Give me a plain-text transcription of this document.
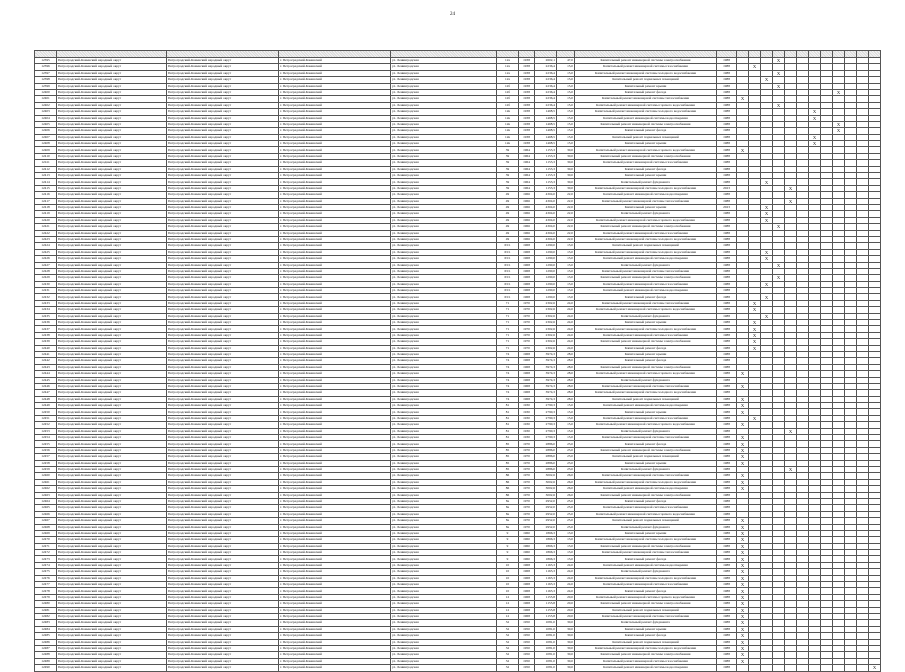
24

12395	Петроградский-Каменский народный округ	Петроградский-Каменский народный округ	г. Петроградский-Каменский	ул. Ленинградская	12а	1938	2602,1	47,0	Капитальный ремонт инженерной системы электроснабжения	1988				X								
12396	Петроградский-Каменский народный округ	Петроградский-Каменский народный округ	г. Петроградский-Каменский	ул. Ленинградская	12а	1938	2236,4	15,0	Капитальный ремонт инженерной системы газоснабжения	1988		X										
12397	Петроградский-Каменский народный округ	Петроградский-Каменский народный округ	г. Петроградский-Каменский	ул. Ленинградская	12а	1938	2236,4	15,0	Капитальный ремонт инженерной системы холодного водоснабжения	1988				X								
12398	Петроградский-Каменский народный округ	Петроградский-Каменский народный округ	г. Петроградский-Каменский	ул. Ленинградская	12а	1938	2236,4	15,0	Капитальный ремонт подвальных помещений	1988			X									
12399	Петроградский-Каменский народный округ	Петроградский-Каменский народный округ	г. Петроградский-Каменский	ул. Ленинградская	12б	1938	2236,4	15,0	Капитальный ремонт крыши	1988				X								
12400	Петроградский-Каменский народный округ	Петроградский-Каменский народный округ	г. Петроградский-Каменский	ул. Ленинградская	12б	1938	2236,4	15,0	Капитальный ремонт фасада	1988									X			
12401	Петроградский-Каменский народный округ	Петроградский-Каменский народный округ	г. Петроградский-Каменский	ул. Ленинградская	12б	1938	2236,4	15,0	Капитальный ремонт инженерной системы теплоснабжения	1988	X											
12402	Петроградский-Каменский народный округ	Петроградский-Каменский народный округ	г. Петроградский-Каменский	ул. Ленинградская	12б	1938	2236,4	15,0	Капитальный ремонт инженерной системы горячего водоснабжения	1988				X								
12403	Петроградский-Каменский народный округ	Петроградский-Каменский народный округ	г. Петроградский-Каменский	ул. Ленинградская	12в	1938	1468,5	15,0	Капитальный ремонт инженерной системы холодного водоснабжения	1988							X					
12404	Петроградский-Каменский народный округ	Петроградский-Каменский народный округ	г. Петроградский-Каменский	ул. Ленинградская	12в	1938	1468,5	15,0	Капитальный ремонт инженерной системы водоотведения	1988							X					
12405	Петроградский-Каменский народный округ	Петроградский-Каменский народный округ	г. Петроградский-Каменский	ул. Ленинградская	12в	1938	1468,5	15,0	Капитальный ремонт инженерной системы электроснабжения	1988									X			
12406	Петроградский-Каменский народный округ	Петроградский-Каменский народный округ	г. Петроградский-Каменский	ул. Ленинградская	12в	1938	1468,5	15,0	Капитальный ремонт фасада	1988									X			
12407	Петроградский-Каменский народный округ	Петроградский-Каменский народный округ	г. Петроградский-Каменский	ул. Ленинградская	12в	1938	1468,5	15,0	Капитальный ремонт подвальных помещений	1988							X					
12408	Петроградский-Каменский народный округ	Петроградский-Каменский народный округ	г. Петроградский-Каменский	ул. Ленинградская	12в	1938	1468,5	15,0	Капитальный ремонт крыши	1988							X					
12409	Петроградский-Каменский народный округ	Петроградский-Каменский народный округ	г. Петроградский-Каменский	ул. Ленинградская	39	1964	1153,3	30,0	Капитальный ремонт инженерной системы горячего водоснабжения	1988	X											
12410	Петроградский-Каменский народный округ	Петроградский-Каменский народный округ	г. Петроградский-Каменский	ул. Ленинградская	39	1964	1153,3	30,0	Капитальный ремонт инженерной системы электроснабжения	1988												
12411	Петроградский-Каменский народный округ	Петроградский-Каменский народный округ	г. Петроградский-Каменский	ул. Ленинградская	39	1964	1153,3	30,0	Капитальный ремонт инженерной системы газоснабжения	1988												
12412	Петроградский-Каменский народный округ	Петроградский-Каменский народный округ	г. Петроградский-Каменский	ул. Ленинградская	39	1964	1153,3	30,0	Капитальный ремонт фасада	1988												
12413	Петроградский-Каменский народный округ	Петроградский-Каменский народный округ	г. Петроградский-Каменский	ул. Ленинградская	39	1964	1153,3	30,0	Капитальный ремонт крыши	1988												
12414	Петроградский-Каменский народный округ	Петроградский-Каменский народный округ	г. Петроградский-Каменский	ул. Ленинградская	39	1964	1153,3	30,0	Капитальный ремонт фундамента	1988			X									
12415	Петроградский-Каменский народный округ	Петроградский-Каменский народный округ	г. Петроградский-Каменский	ул. Ленинградская	39	1964	1153,3	30,0	Капитальный ремонт инженерной системы холодного водоснабжения	2023					X							
12416	Петроградский-Каменский народный округ	Петроградский-Каменский народный округ	г. Петроградский-Каменский	ул. Ленинградская	49	1966	4304,0	22,0	Капитальный ремонт инженерной системы водоотведения	1988												
12417	Петроградский-Каменский народный округ	Петроградский-Каменский народный округ	г. Петроградский-Каменский	ул. Ленинградская	49	1966	4304,0	22,0	Капитальный ремонт инженерной системы теплоснабжения	1988					X							
12418	Петроградский-Каменский народный округ	Петроградский-Каменский народный округ	г. Петроградский-Каменский	ул. Ленинградская	49	1966	4304,0	22,0	Капитальный ремонт крыши	2023			X									
12419	Петроградский-Каменский народный округ	Петроградский-Каменский народный округ	г. Петроградский-Каменский	ул. Ленинградская	49	1966	4304,0	22,0	Капитальный ремонт фундамента	1988			X									
12420	Петроградский-Каменский народный округ	Петроградский-Каменский народный округ	г. Петроградский-Каменский	ул. Ленинградская	49	1966	4304,0	22,0	Капитальный ремонт инженерной системы горячего водоснабжения	1988			X									
12421	Петроградский-Каменский народный округ	Петроградский-Каменский народный округ	г. Петроградский-Каменский	ул. Ленинградская	49	1966	4304,0	22,0	Капитальный ремонт инженерной системы электроснабжения	1988				X								
12422	Петроградский-Каменский народный округ	Петроградский-Каменский народный округ	г. Петроградский-Каменский	ул. Ленинградская	49	1966	4304,0	22,0	Капитальный ремонт инженерной системы газоснабжения	1988												
12423	Петроградский-Каменский народный округ	Петроградский-Каменский народный округ	г. Петроградский-Каменский	ул. Ленинградская	49	1966	4304,0	22,0	Капитальный ремонт инженерной системы холодного водоснабжения	1988												
12424	Петроградский-Каменский народный округ	Петроградский-Каменский народный округ	г. Петроградский-Каменский	ул. Ленинградская	63/1	1968	1290,0	13,0	Капитальный ремонт подвальных помещений	1988												
12425	Петроградский-Каменский народный округ	Петроградский-Каменский народный округ	г. Петроградский-Каменский	ул. Ленинградская	63/1	1968	1290,0	13,0	Капитальный ремонт инженерной системы холодного водоснабжения	1988			X									
12426	Петроградский-Каменский народный округ	Петроградский-Каменский народный округ	г. Петроградский-Каменский	ул. Ленинградская	63/1	1968	1290,0	13,0	Капитальный ремонт инженерной системы водоотведения	1988			X									
12427	Петроградский-Каменский народный округ	Петроградский-Каменский народный округ	г. Петроградский-Каменский	ул. Ленинградская	63/1	1968	1290,0	13,0	Капитальный ремонт фундамента	1988				X								
12428	Петроградский-Каменский народный округ	Петроградский-Каменский народный округ	г. Петроградский-Каменский	ул. Ленинградская	63/1	1968	1290,0	13,0	Капитальный ремонт инженерной системы теплоснабжения	1988												
12429	Петроградский-Каменский народный округ	Петроградский-Каменский народный округ	г. Петроградский-Каменский	ул. Ленинградская	63/1	1968	1290,0	13,0	Капитальный ремонт инженерной системы электроснабжения	1988				X								
12430	Петроградский-Каменский народный округ	Петроградский-Каменский народный округ	г. Петроградский-Каменский	ул. Ленинградская	63/1	1968	1290,0	13,0	Капитальный ремонт инженерной системы газоснабжения	1988			X									
12431	Петроградский-Каменский народный округ	Петроградский-Каменский народный округ	г. Петроградский-Каменский	ул. Ленинградская	63/1	1968	1290,0	13,0	Капитальный ремонт инженерной системы водоотведения	1988												
12432	Петроградский-Каменский народный округ	Петроградский-Каменский народный округ	г. Петроградский-Каменский	ул. Ленинградская	63/1	1968	1290,0	13,0	Капитальный ремонт фасада	1988			X									
12433	Петроградский-Каменский народный округ	Петроградский-Каменский народный округ	г. Петроградский-Каменский	ул. Ленинградская	71	1970	2302,6	24,0	Капитальный ремонт инженерной системы теплоснабжения	1988		X										
12434	Петроградский-Каменский народный округ	Петроградский-Каменский народный округ	г. Петроградский-Каменский	ул. Ленинградская	71	1970	2302,6	24,0	Капитальный ремонт инженерной системы горячего водоснабжения	1988		X										
12435	Петроградский-Каменский народный округ	Петроградский-Каменский народный округ	г. Петроградский-Каменский	ул. Ленинградская	71	1970	2302,6	24,0	Капитальный ремонт фундамента	1988			X									
12436	Петроградский-Каменский народный округ	Петроградский-Каменский народный округ	г. Петроградский-Каменский	ул. Ленинградская	71	1970	2302,6	24,0	Капитальный ремонт крыши	1988		X										
12437	Петроградский-Каменский народный округ	Петроградский-Каменский народный округ	г. Петроградский-Каменский	ул. Ленинградская	71	1970	2302,6	24,0	Капитальный ремонт инженерной системы холодного водоснабжения	1988		X										
12438	Петроградский-Каменский народный округ	Петроградский-Каменский народный округ	г. Петроградский-Каменский	ул. Ленинградская	71	1970	2302,6	24,0	Капитальный ремонт инженерной системы газоснабжения	1988		X										
12439	Петроградский-Каменский народный округ	Петроградский-Каменский народный округ	г. Петроградский-Каменский	ул. Ленинградская	71	1970	2302,6	24,0	Капитальный ремонт инженерной системы электроснабжения	1988		X										
12440	Петроградский-Каменский народный округ	Петроградский-Каменский народный округ	г. Петроградский-Каменский	ул. Ленинградская	71	1970	2302,6	24,0	Капитальный ремонт фасада	1988		X										
12441	Петроградский-Каменский народный округ	Петроградский-Каменский народный округ	г. Петроградский-Каменский	ул. Ленинградская	74	1968	3974,3	28,0	Капитальный ремонт крыши	1988												
12442	Петроградский-Каменский народный округ	Петроградский-Каменский народный округ	г. Петроградский-Каменский	ул. Ленинградская	74	1968	3974,3	28,0	Капитальный ремонт фасада	1988												
12443	Петроградский-Каменский народный округ	Петроградский-Каменский народный округ	г. Петроградский-Каменский	ул. Ленинградская	74	1968	3974,3	28,0	Капитальный ремонт инженерной системы электроснабжения	1988												
12444	Петроградский-Каменский народный округ	Петроградский-Каменский народный округ	г. Петроградский-Каменский	ул. Ленинградская	74	1968	3974,3	28,0	Капитальный ремонт инженерной системы горячего водоснабжения	1988	X											
12445	Петроградский-Каменский народный округ	Петроградский-Каменский народный округ	г. Петроградский-Каменский	ул. Ленинградская	74	1968	3974,3	28,0	Капитальный ремонт фундамента	1988												
12446	Петроградский-Каменский народный округ	Петроградский-Каменский народный округ	г. Петроградский-Каменский	ул. Ленинградская	74	1968	3974,3	28,0	Капитальный ремонт инженерной системы теплоснабжения	1988	X											
12447	Петроградский-Каменский народный округ	Петроградский-Каменский народный округ	г. Петроградский-Каменский	ул. Ленинградская	74	1968	3974,3	28,0	Капитальный ремонт инженерной системы холодного водоснабжения	1988												
12448	Петроградский-Каменский народный округ	Петроградский-Каменский народный округ	г. Петроградский-Каменский	ул. Ленинградская	74	1968	3974,3	28,0	Капитальный ремонт подвальных помещений	1988	X											
12449	Петроградский-Каменский народный округ	Петроградский-Каменский народный округ	г. Петроградский-Каменский	ул. Ленинградская	81	1930	2790,3	15,0	Капитальный ремонт инженерной системы водоотведения	1988	X											
12450	Петроградский-Каменский народный округ	Петроградский-Каменский народный округ	г. Петроградский-Каменский	ул. Ленинградская	81	1930	2790,3	15,0	Капитальный ремонт крыши	1988	X											
12451	Петроградский-Каменский народный округ	Петроградский-Каменский народный округ	г. Петроградский-Каменский	ул. Ленинградская	81	1930	2790,3	15,0	Капитальный ремонт инженерной системы газоснабжения	1988		X										
12452	Петроградский-Каменский народный округ	Петроградский-Каменский народный округ	г. Петроградский-Каменский	ул. Ленинградская	81	1930	2790,3	15,0	Капитальный ремонт инженерной системы горячего водоснабжения	1988	X											
12453	Петроградский-Каменский народный округ	Петроградский-Каменский народный округ	г. Петроградский-Каменский	ул. Ленинградская	81	1930	2790,3	15,0	Капитальный ремонт фундамента	1988					X							
12454	Петроградский-Каменский народный округ	Петроградский-Каменский народный округ	г. Петроградский-Каменский	ул. Ленинградская	81	1930	2790,3	15,0	Капитальный ремонт инженерной системы теплоснабжения	1988	X											
12455	Петроградский-Каменский народный округ	Петроградский-Каменский народный округ	г. Петроградский-Каменский	ул. Ленинградская	85	1970	2886,0	23,0	Капитальный ремонт фасада	1988	X											
12456	Петроградский-Каменский народный округ	Петроградский-Каменский народный округ	г. Петроградский-Каменский	ул. Ленинградская	85	1970	2886,0	23,0	Капитальный ремонт инженерной системы электроснабжения	1988	X											
12457	Петроградский-Каменский народный округ	Петроградский-Каменский народный округ	г. Петроградский-Каменский	ул. Ленинградская	85	1970	2886,0	23,0	Капитальный ремонт подвальных помещений	1988	X											
12458	Петроградский-Каменский народный округ	Петроградский-Каменский народный округ	г. Петроградский-Каменский	ул. Ленинградская	85	1970	2886,0	23,0	Капитальный ремонт крыши	1988	X											
12459	Петроградский-Каменский народный округ	Петроградский-Каменский народный округ	г. Петроградский-Каменский	ул. Ленинградская	85	1970	2886,0	23,0	Капитальный ремонт фундамента	1988					X							
12460	Петроградский-Каменский народный округ	Петроградский-Каменский народный округ	г. Петроградский-Каменский	ул. Ленинградская	86	1970	3002,6	26,0	Капитальный ремонт инженерной системы теплоснабжения	1988	X											
12461	Петроградский-Каменский народный округ	Петроградский-Каменский народный округ	г. Петроградский-Каменский	ул. Ленинградская	86	1970	3002,6	26,0	Капитальный ремонт инженерной системы холодного водоснабжения	1988	X											
12462	Петроградский-Каменский народный округ	Петроградский-Каменский народный округ	г. Петроградский-Каменский	ул. Ленинградская	86	1970	3002,6	26,0	Капитальный ремонт инженерной системы водоотведения	1988	X											
12463	Петроградский-Каменский народный округ	Петроградский-Каменский народный округ	г. Петроградский-Каменский	ул. Ленинградская	86	1970	3002,6	26,0	Капитальный ремонт инженерной системы электроснабжения	1988												
12464	Петроградский-Каменский народный округ	Петроградский-Каменский народный округ	г. Петроградский-Каменский	ул. Ленинградская	8а	1970	2952,0	25,0	Капитальный ремонт фасада	1988												
12465	Петроградский-Каменский народный округ	Петроградский-Каменский народный округ	г. Петроградский-Каменский	ул. Ленинградская	8а	1970	2952,0	25,0	Капитальный ремонт инженерной системы газоснабжения	1988												
12466	Петроградский-Каменский народный округ	Петроградский-Каменский народный округ	г. Петроградский-Каменский	ул. Ленинградская	8а	1970	2952,0	25,0	Капитальный ремонт инженерной системы горячего водоснабжения	1988												
12467	Петроградский-Каменский народный округ	Петроградский-Каменский народный округ	г. Петроградский-Каменский	ул. Ленинградская	8а	1970	2952,0	25,0	Капитальный ремонт подвальных помещений	1988	X											
12468	Петроградский-Каменский народный округ	Петроградский-Каменский народный округ	г. Петроградский-Каменский	ул. Ленинградская	8а	1970	2952,0	25,0	Капитальный ремонт фундамента	1988	X											
12469	Петроградский-Каменский народный округ	Петроградский-Каменский народный округ	г. Петроградский-Каменский	ул. Ленинградская	9	1960	1866,3	13,0	Капитальный ремонт крыши	1988	X											
12470	Петроградский-Каменский народный округ	Петроградский-Каменский народный округ	г. Петроградский-Каменский	ул. Ленинградская	9	1960	1866,3	13,0	Капитальный ремонт инженерной системы холодного водоснабжения	1988	X											
12471	Петроградский-Каменский народный округ	Петроградский-Каменский народный округ	г. Петроградский-Каменский	ул. Ленинградская	9	1960	1866,3	13,0	Капитальный ремонт инженерной системы электроснабжения	1988	X											
12472	Петроградский-Каменский народный округ	Петроградский-Каменский народный округ	г. Петроградский-Каменский	ул. Ленинградская	9	1960	1866,3	13,0	Капитальный ремонт инженерной системы теплоснабжения	1988	X											
12473	Петроградский-Каменский народный округ	Петроградский-Каменский народный округ	г. Петроградский-Каменский	ул. Ленинградская	9	1960	1866,3	13,0	Капитальный ремонт фасада	1988	X											
12474	Петроградский-Каменский народный округ	Петроградский-Каменский народный округ	г. Петроградский-Каменский	ул. Ленинградская	10	1968	1163,3	24,0	Капитальный ремонт инженерной системы водоотведения	1988	X											
12475	Петроградский-Каменский народный округ	Петроградский-Каменский народный округ	г. Петроградский-Каменский	ул. Ленинградская	10	1968	1163,3	24,0	Капитальный ремонт фундамента	1988	X											
12476	Петроградский-Каменский народный округ	Петроградский-Каменский народный округ	г. Петроградский-Каменский	ул. Ленинградская	10	1968	1163,3	24,0	Капитальный ремонт инженерной системы холодного водоснабжения	1988	X											
12477	Петроградский-Каменский народный округ	Петроградский-Каменский народный округ	г. Петроградский-Каменский	ул. Ленинградская	10	1968	1163,3	24,0	Капитальный ремонт инженерной системы газоснабжения	1988	X											
12478	Петроградский-Каменский народный округ	Петроградский-Каменский народный округ	г. Петроградский-Каменский	ул. Ленинградская	10	1968	1163,3	24,0	Капитальный ремонт фасада	1988	X											
12479	Петроградский-Каменский народный округ	Петроградский-Каменский народный округ	г. Петроградский-Каменский	ул. Ленинградская	12	1968	1155,8	20,0	Капитальный ремонт инженерной системы горячего водоснабжения	1988	X											
12480	Петроградский-Каменский народный округ	Петроградский-Каменский народный округ	г. Петроградский-Каменский	ул. Ленинградская	12	1968	1155,8	20,0	Капитальный ремонт инженерной системы электроснабжения	1988	X											
12481	Петроградский-Каменский народный округ	Петроградский-Каменский народный округ	г. Петроградский-Каменский	ул. Ленинградская	12	1968	1155,8	20,0	Капитальный ремонт подвальных помещений	1988	X											
12482	Петроградский-Каменский народный округ	Петроградский-Каменский народный округ	г. Петроградский-Каменский	ул. Ленинградская	12	1968	1155,8	20,0	Капитальный ремонт инженерной системы теплоснабжения	1988	X											
12483	Петроградский-Каменский народный округ	Петроградский-Каменский народный округ	г. Петроградский-Каменский	ул. Ленинградская	32	1950	1081,0	30,0	Капитальный ремонт фундамента	1988	X											
12484	Петроградский-Каменский народный округ	Петроградский-Каменский народный округ	г. Петроградский-Каменский	ул. Ленинградская	32	1950	1081,0	30,0	Капитальный ремонт крыши	1988	X											
12485	Петроградский-Каменский народный округ	Петроградский-Каменский народный округ	г. Петроградский-Каменский	ул. Ленинградская	32	1950	1081,0	30,0	Капитальный ремонт фасада	1988	X											
12486	Петроградский-Каменский народный округ	Петроградский-Каменский народный округ	г. Петроградский-Каменский	ул. Ленинградская	32	1950	1081,0	30,0	Капитальный ремонт подвальных помещений	1988	X											
12487	Петроградский-Каменский народный округ	Петроградский-Каменский народный округ	г. Петроградский-Каменский	ул. Ленинградская	32	1950	1081,0	30,0	Капитальный ремонт инженерной системы холодного водоснабжения	1988	X											
12488	Петроградский-Каменский народный округ	Петроградский-Каменский народный округ	г. Петроградский-Каменский	ул. Ленинградская	32	1950	1081,0	30,0	Капитальный ремонт инженерной системы электроснабжения	1988	X											
12489	Петроградский-Каменский народный округ	Петроградский-Каменский народный округ	г. Петроградский-Каменский	ул. Ленинградская	32	1950	1081,0	30,0	Капитальный ремонт инженерной системы газоснабжения	1988	X											
12490	Петроградский-Каменский народный округ	Петроградский-Каменский народный округ	г. Петроградский-Каменский	ул. Ленинградская	32	1950	1081,0	30,0	Капитальный ремонт инженерной системы водоотведения	1988												X
